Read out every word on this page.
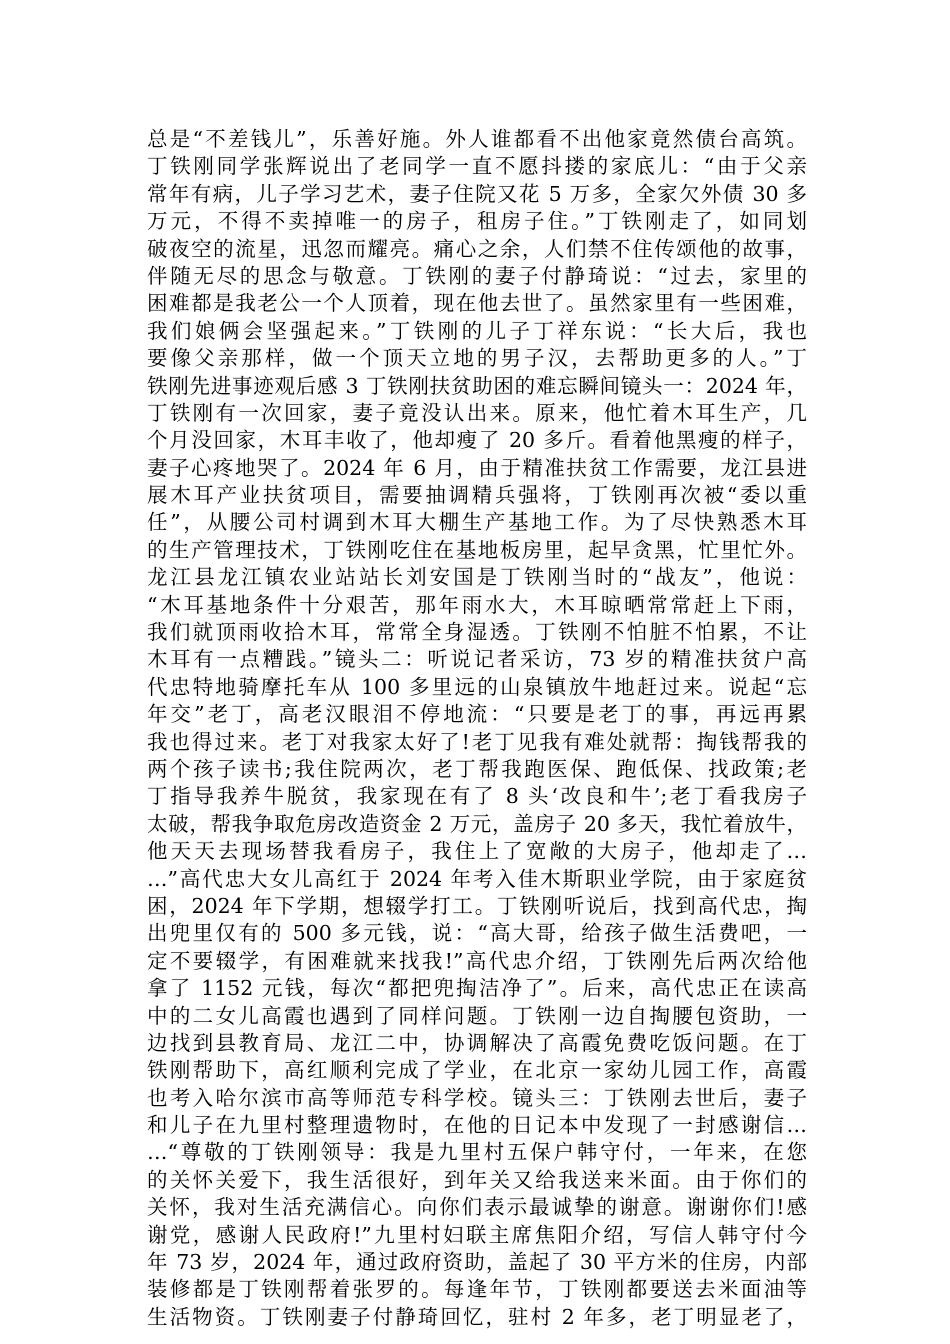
总是“不差钱儿”，乐善好施。外人谁都看不出他家竟然债台高筑。
丁铁刚同学张辉说出了老同学一直不愿抖搂的家底儿：“由于父亲
常年有病，儿子学习艺术，妻子住院又花 5 万多，全家欠外债 30 多
万元，不得不卖掉唯一的房子，租房子住。”丁铁刚走了，如同划
破夜空的流星，迅忽而耀亮。痛心之余，人们禁不住传颂他的故事，
伴随无尽的思念与敬意。丁铁刚的妻子付静琦说：“过去，家里的
困难都是我老公一个人顶着，现在他去世了。虽然家里有一些困难，
我们娘俩会坚强起来。”丁铁刚的儿子丁祥东说：“长大后，我也
要像父亲那样，做一个顶天立地的男子汉，去帮助更多的人。”丁
铁刚先进事迹观后感 3 丁铁刚扶贫助困的难忘瞬间镜头一：2024 年，
丁铁刚有一次回家，妻子竟没认出来。原来，他忙着木耳生产，几
个月没回家，木耳丰收了，他却瘦了 20 多斤。看着他黑瘦的样子，
妻子心疼地哭了。2024 年 6 月，由于精准扶贫工作需要，龙江县进
展木耳产业扶贫项目，需要抽调精兵强将，丁铁刚再次被“委以重
任”，从腰公司村调到木耳大棚生产基地工作。为了尽快熟悉木耳
的生产管理技术，丁铁刚吃住在基地板房里，起早贪黑，忙里忙外。
龙江县龙江镇农业站站长刘安国是丁铁刚当时的“战友”，他说：
“木耳基地条件十分艰苦，那年雨水大，木耳晾晒常常赶上下雨，
我们就顶雨收拾木耳，常常全身湿透。丁铁刚不怕脏不怕累，不让
木耳有一点糟践。”镜头二：听说记者采访，73 岁的精准扶贫户高
代忠特地骑摩托车从 100 多里远的山泉镇放牛地赶过来。说起“忘
年交”老丁，高老汉眼泪不停地流：“只要是老丁的事，再远再累
我也得过来。老丁对我家太好了!老丁见我有难处就帮：掏钱帮我的
两个孩子读书;我住院两次，老丁帮我跑医保、跑低保、找政策;老
丁指导我养牛脱贫，我家现在有了 8 头‘改良和牛’;老丁看我房子
太破，帮我争取危房改造资金 2 万元，盖房子 20 多天，我忙着放牛，
他天天去现场替我看房子，我住上了宽敞的大房子，他却走了…
…”高代忠大女儿高红于 2024 年考入佳木斯职业学院，由于家庭贫
困，2024 年下学期，想辍学打工。丁铁刚听说后，找到高代忠，掏
出兜里仅有的 500 多元钱，说：“高大哥，给孩子做生活费吧，一
定不要辍学，有困难就来找我!”高代忠介绍，丁铁刚先后两次给他
拿了 1152 元钱，每次“都把兜掏洁净了”。后来，高代忠正在读高
中的二女儿高霞也遇到了同样问题。丁铁刚一边自掏腰包资助，一
边找到县教育局、龙江二中，协调解决了高霞免费吃饭问题。在丁
铁刚帮助下，高红顺利完成了学业，在北京一家幼儿园工作，高霞
也考入哈尔滨市高等师范专科学校。镜头三：丁铁刚去世后，妻子
和儿子在九里村整理遗物时，在他的日记本中发现了一封感谢信…
…“尊敬的丁铁刚领导：我是九里村五保户韩守付，一年来，在您
的关怀关爱下，我生活很好，到年关又给我送来米面。由于你们的
关怀，我对生活充满信心。向你们表示最诚挚的谢意。谢谢你们!感
谢党，感谢人民政府!”九里村妇联主席焦阳介绍，写信人韩守付今
年 73 岁，2024 年，通过政府资助，盖起了 30 平方米的住房，内部
装修都是丁铁刚帮着张罗的。每逢年节，丁铁刚都要送去米面油等
生活物资。丁铁刚妻子付静琦回忆，驻村 2 年多，老丁明显老了，
